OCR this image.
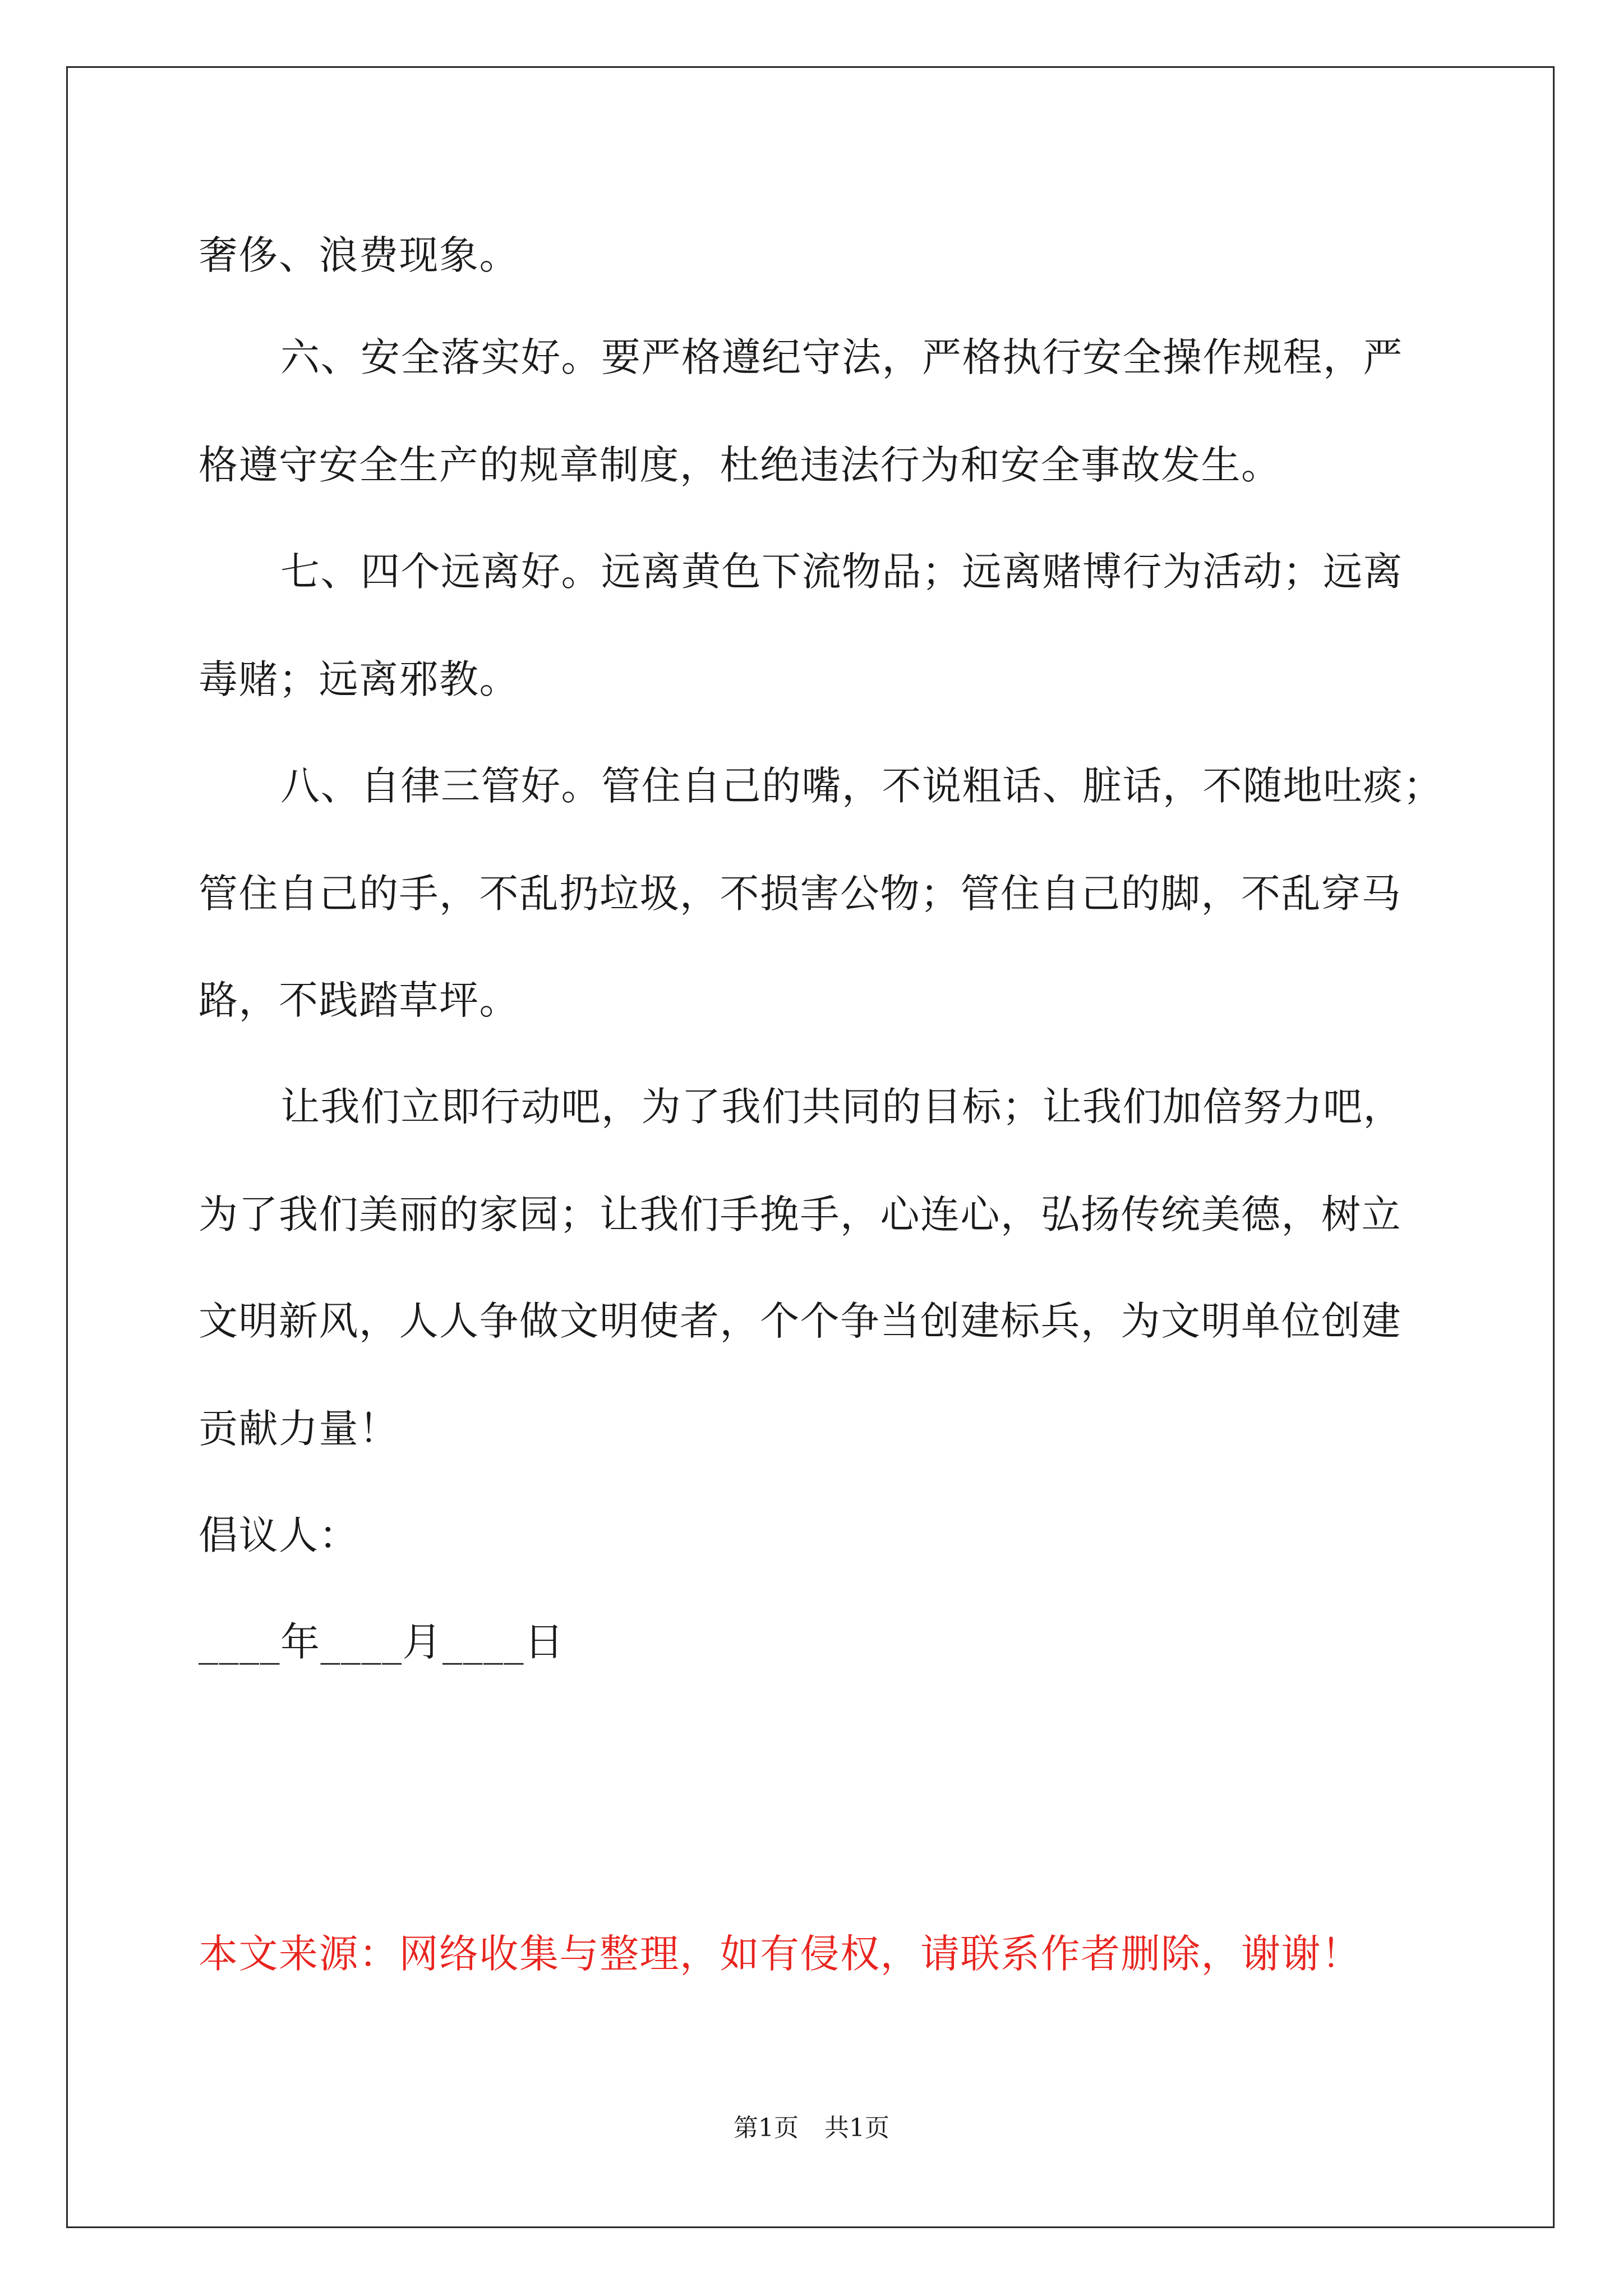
奢侈、浪费现象。
六、安全落实好。要严格遵纪守法，严格执行安全操作规程，严
格遵守安全生产的规章制度，杜绝违法行为和安全事故发生。
七、四个远离好。远离黄色下流物品；远离赌博行为活动；远离
毒赌；远离邪教。
八、自律三管好。管住自己的嘴，不说粗话、脏话，不随地吐痰；
管住自己的手，不乱扔垃圾，不损害公物；管住自己的脚，不乱穿马
路，不践踏草坪。
让我们立即行动吧，为了我们共同的目标；让我们加倍努力吧，
为了我们美丽的家园；让我们手挽手，心连心，弘扬传统美德，树立
文明新风，人人争做文明使者，个个争当创建标兵，为文明单位创建
贡献力量！
倡议人：
____年____月____日
本文来源：网络收集与整理，如有侵权，请联系作者删除，谢谢！
第1页 共1页
